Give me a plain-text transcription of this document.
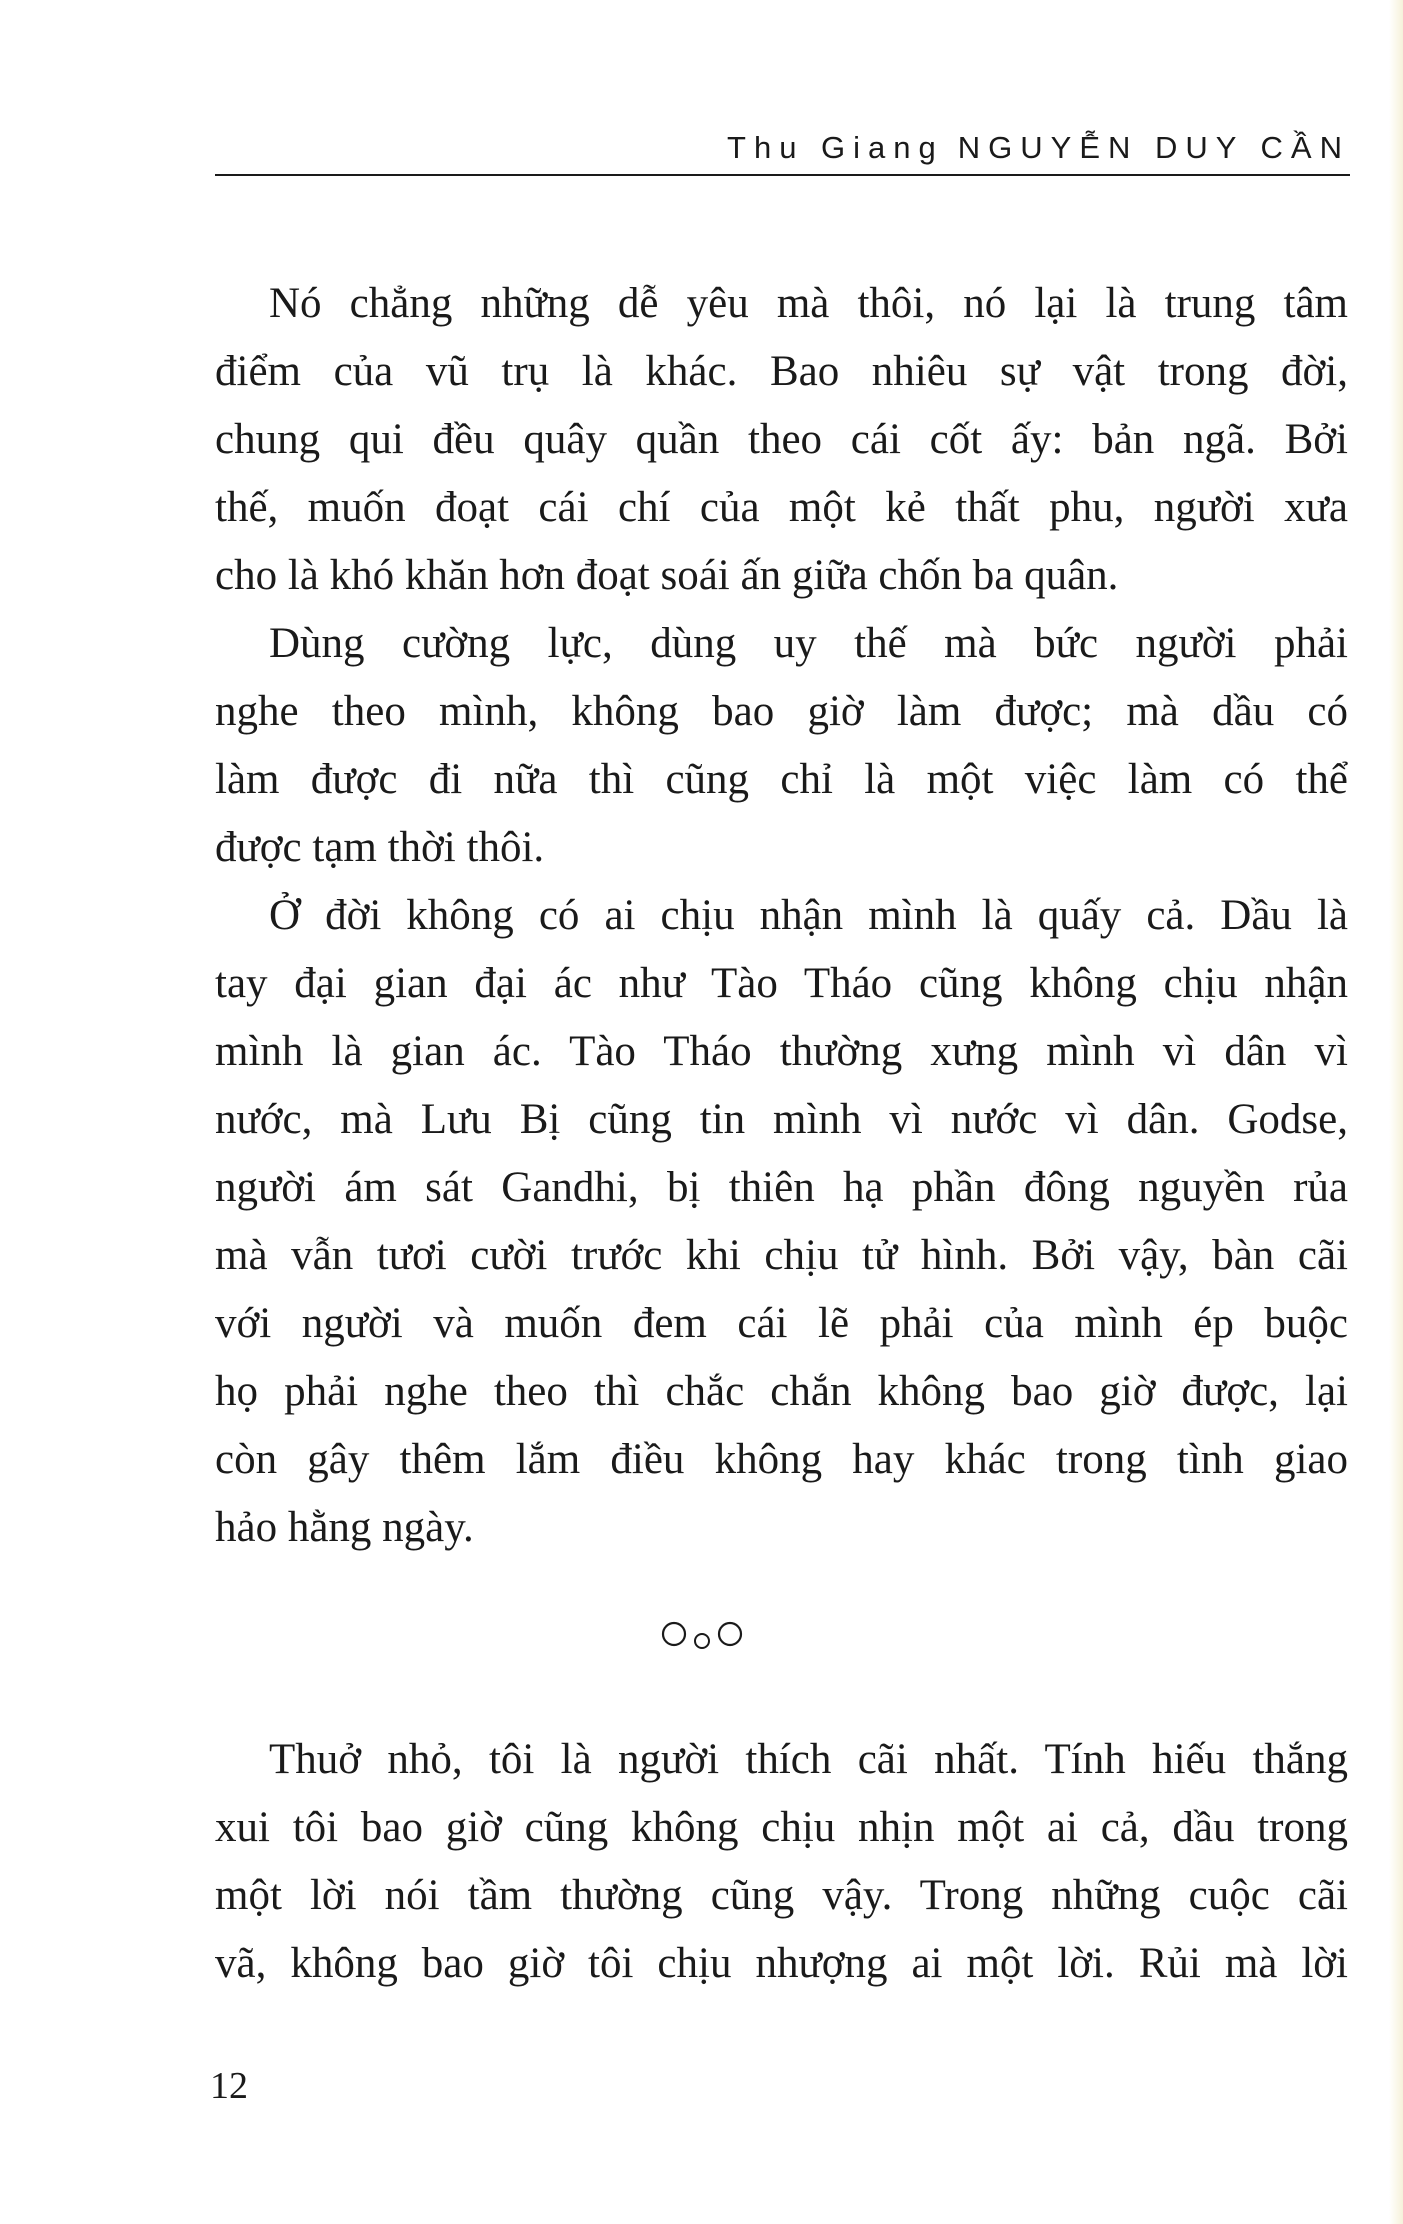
Thu Giang NGUYỄN DUY CẦN

Nó chẳng những dễ yêu mà thôi, nó lại là trung tâm
điểm của vũ trụ là khác. Bao nhiêu sự vật trong đời,
chung qui đều quây quần theo cái cốt ấy: bản ngã. Bởi
thế, muốn đoạt cái chí của một kẻ thất phu, người xưa
cho là khó khăn hơn đoạt soái ấn giữa chốn ba quân.

Dùng cường lực, dùng uy thế mà bức người phải
nghe theo mình, không bao giờ làm được; mà dầu có
làm được đi nữa thì cũng chỉ là một việc làm có thể
được tạm thời thôi.

Ở đời không có ai chịu nhận mình là quấy cả. Dầu là
tay đại gian đại ác như Tào Tháo cũng không chịu nhận
mình là gian ác. Tào Tháo thường xưng mình vì dân vì
nước, mà Lưu Bị cũng tin mình vì nước vì dân. Godse,
người ám sát Gandhi, bị thiên hạ phần đông nguyền rủa
mà vẫn tươi cười trước khi chịu tử hình. Bởi vậy, bàn cãi
với người và muốn đem cái lẽ phải của mình ép buộc
họ phải nghe theo thì chắc chắn không bao giờ được, lại
còn gây thêm lắm điều không hay khác trong tình giao
hảo hằng ngày.

Thuở nhỏ, tôi là người thích cãi nhất. Tính hiếu thắng
xui tôi bao giờ cũng không chịu nhịn một ai cả, dầu trong
một lời nói tầm thường cũng vậy. Trong những cuộc cãi
vã, không bao giờ tôi chịu nhượng ai một lời. Rủi mà lời

12
